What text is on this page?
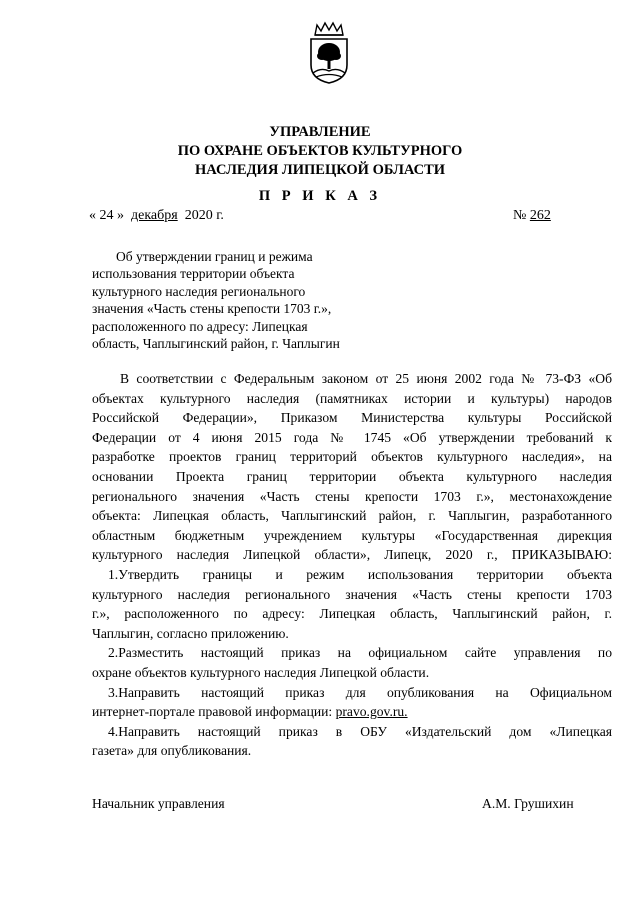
УПРАВЛЕНИЕ
ПО ОХРАНЕ ОБЪЕКТОВ КУЛЬТУРНОГО
НАСЛЕДИЯ ЛИПЕЦКОЙ ОБЛАСТИ
П Р И К А З
« 24 » декабря 2020 г.	№ 262
Об утверждении границ и режима
использования территории объекта
культурного наследия регионального
значения «Часть стены крепости 1703 г.»,
расположенного по адресу: Липецкая
область, Чаплыгинский район, г. Чаплыгин
В соответствии с Федеральным законом от 25 июня 2002 года № 73-ФЗ «Об
объектах культурного наследия (памятниках истории и культуры) народов
Российской Федерации», Приказом Министерства культуры Российской
Федерации от 4 июня 2015 года № 1745 «Об утверждении требований к
разработке проектов границ территорий объектов культурного наследия», на
основании Проекта границ территории объекта культурного наследия
регионального значения «Часть стены крепости 1703 г.», местонахождение
объекта: Липецкая область, Чаплыгинский район, г. Чаплыгин, разработанного
областным бюджетным учреждением культуры «Государственная дирекция
культурного наследия Липецкой области», Липецк, 2020 г., ПРИКАЗЫВАЮ:
1.Утвердить границы и режим использования территории объекта
культурного наследия регионального значения «Часть стены крепости 1703
г.», расположенного по адресу: Липецкая область, Чаплыгинский район, г.
Чаплыгин, согласно приложению.
2.Разместить настоящий приказ на официальном сайте управления по
охране объектов культурного наследия Липецкой области.
3.Направить настоящий приказ для опубликования на Официальном
интернет-портале правовой информации: pravo.gov.ru.
4.Направить настоящий приказ в ОБУ «Издательский дом «Липецкая
газета» для опубликования.
Начальник управления	А.М. Грушихин
